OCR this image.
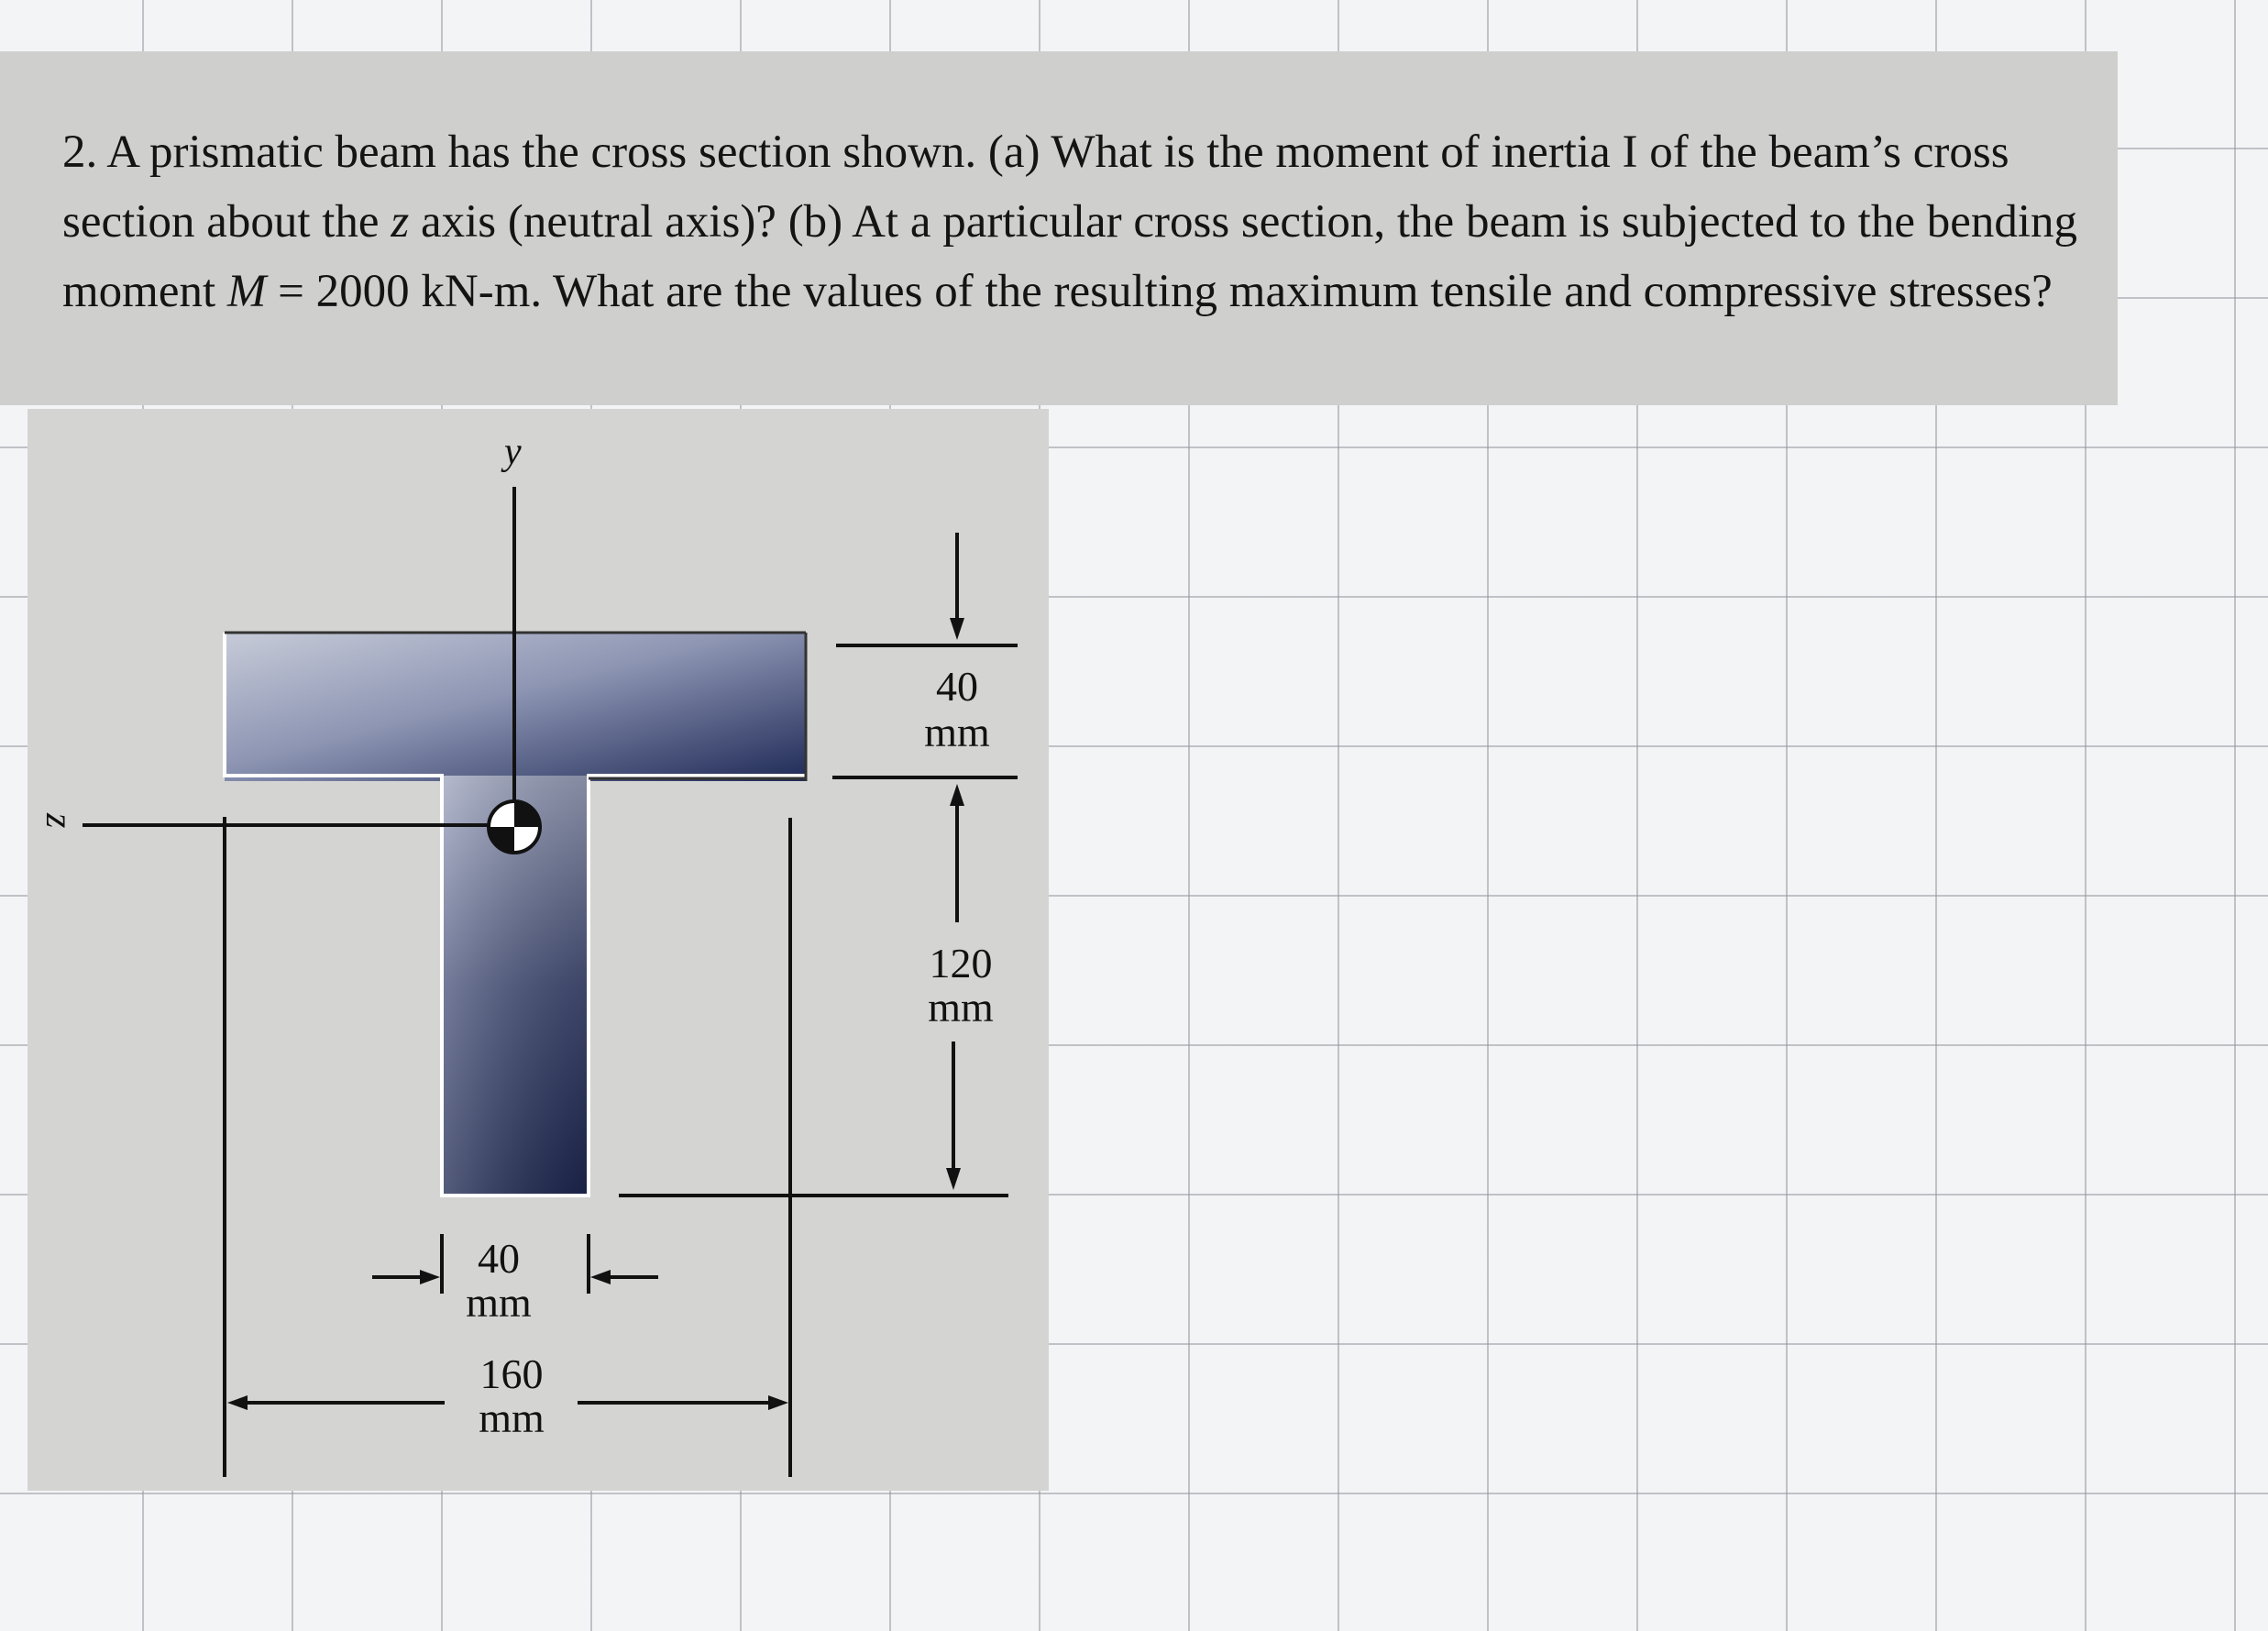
2. A prismatic beam has the cross section shown. (a) What is the moment of inertia I of the beam’s cross section about the z axis (neutral axis)? (b) At a particular cross section, the beam is subjected to the bending moment M = 2000 kN-m. What are the values of the resulting maximum tensile and compressive stresses?

y
z
40
mm
120
mm
40
mm
160
mm
